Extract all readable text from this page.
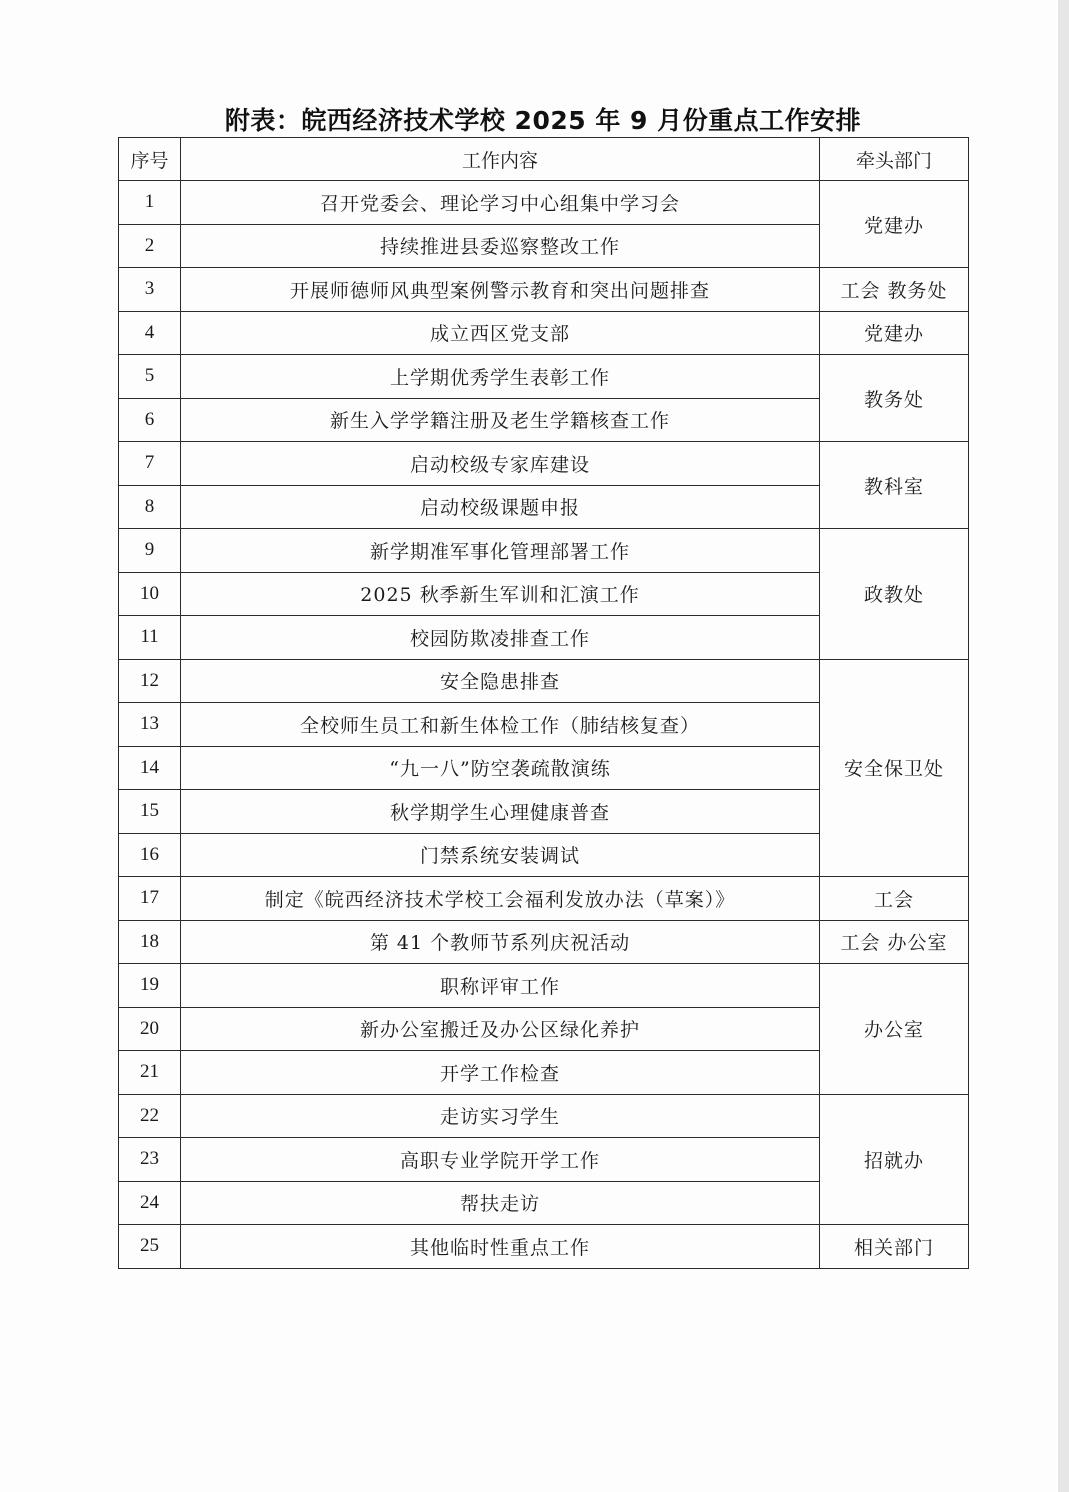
附表：皖西经济技术学校 2025 年 9 月份重点工作安排
序号	工作内容	牵头部门
1	召开党委会、理论学习中心组集中学习会	党建办
2	持续推进县委巡察整改工作	
3	开展师德师风典型案例警示教育和突出问题排查	工会 教务处
4	成立西区党支部	党建办
5	上学期优秀学生表彰工作	教务处
6	新生入学学籍注册及老生学籍核查工作	
7	启动校级专家库建设	教科室
8	启动校级课题申报	
9	新学期准军事化管理部署工作	政教处
10	2025 秋季新生军训和汇演工作	
11	校园防欺凌排查工作	
12	安全隐患排查	安全保卫处
13	全校师生员工和新生体检工作（肺结核复查）	
14	“九一八”防空袭疏散演练	
15	秋学期学生心理健康普查	
16	门禁系统安装调试	
17	制定《皖西经济技术学校工会福利发放办法（草案）》	工会
18	第 41 个教师节系列庆祝活动	工会 办公室
19	职称评审工作	办公室
20	新办公室搬迁及办公区绿化养护	
21	开学工作检查	
22	走访实习学生	招就办
23	高职专业学院开学工作	
24	帮扶走访	
25	其他临时性重点工作	相关部门
